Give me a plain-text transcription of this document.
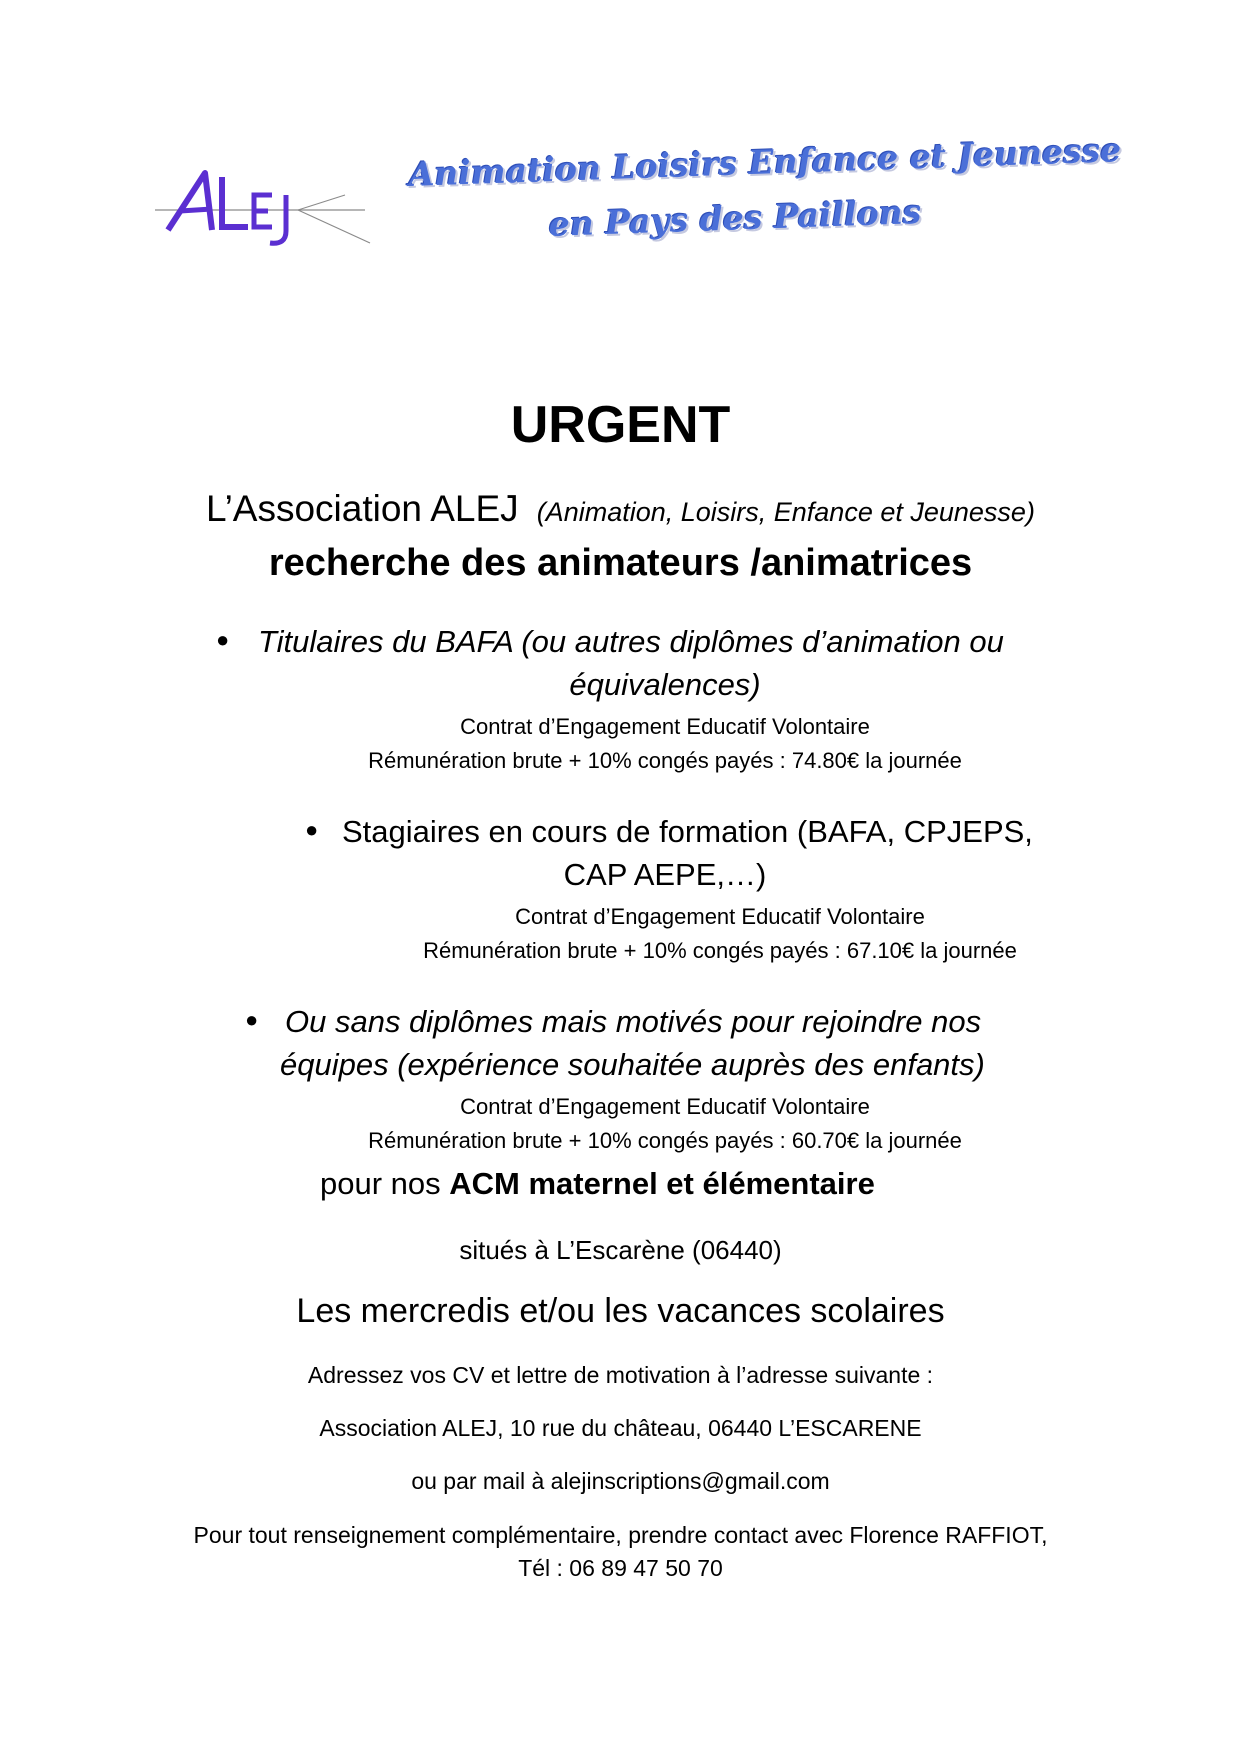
Animation Loisirs Enfance et Jeunesse
en Pays des Paillons
URGENT
L’Association ALEJ (Animation, Loisirs, Enfance et Jeunesse)
recherche des animateurs /animatrices
● Titulaires du BAFA (ou autres diplômes d’animation ou
équivalences)
Contrat d’Engagement Educatif Volontaire
Rémunération brute + 10% congés payés : 74.80€ la journée
● Stagiaires en cours de formation (BAFA, CPJEPS,
CAP AEPE,…)
Contrat d’Engagement Educatif Volontaire
Rémunération brute + 10% congés payés : 67.10€ la journée
● Ou sans diplômes mais motivés pour rejoindre nos
équipes (expérience souhaitée auprès des enfants)
Contrat d’Engagement Educatif Volontaire
Rémunération brute + 10% congés payés : 60.70€ la journée
pour nos ACM maternel et élémentaire
situés à L’Escarène (06440)
Les mercredis et/ou les vacances scolaires
Adressez vos CV et lettre de motivation à l’adresse suivante :
Association ALEJ, 10 rue du château, 06440 L’ESCARENE
ou par mail à alejinscriptions@gmail.com
Pour tout renseignement complémentaire, prendre contact avec Florence RAFFIOT,
Tél : 06 89 47 50 70
